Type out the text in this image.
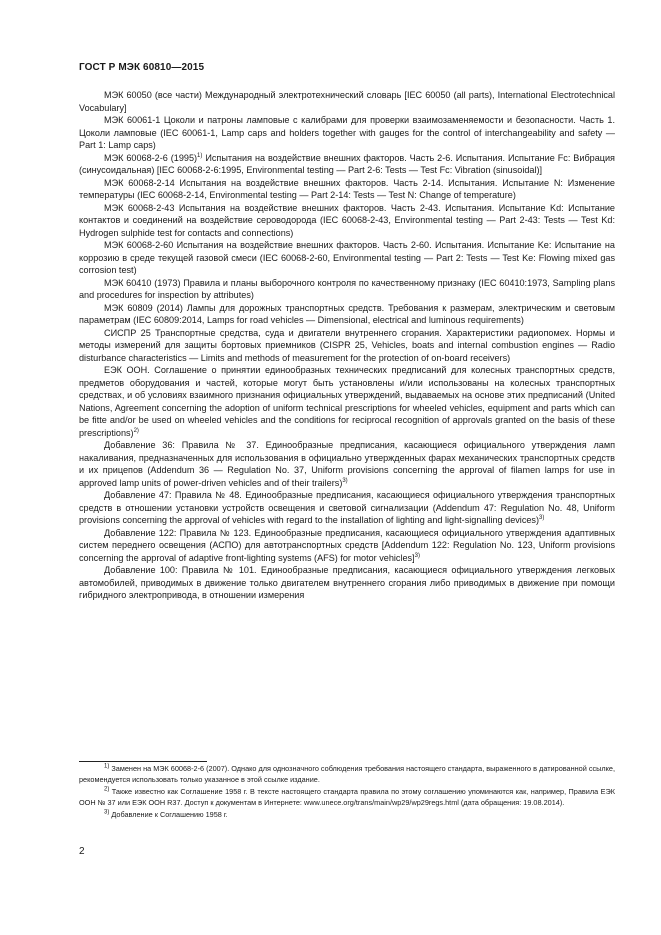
ГОСТ Р МЭК 60810—2015

МЭК 60050 (все части) Международный электротехнический словарь [IEC 60050 (all parts), International Electrotechnical Vocabulary]

МЭК 60061-1 Цоколи и патроны ламповые с калибрами для проверки взаимозаменяемости и безопасности. Часть 1. Цоколи ламповые (IEC 60061-1, Lamp caps and holders together with gauges for the control of interchangeability and safety — Part 1: Lamp caps)

МЭК 60068-2-6 $(1995)^{1)}$ Испытания на воздействие внешних факторов. Часть 2-6. Испытания. Испытание Fc: Вибрация (синусоидальная) [IEC 60068-2-6:1995, Environmental testing — Part 2-6: Tests — Test Fc: Vibration (sinusoidal)]

МЭК 60068-2-14 Испытания на воздействие внешних факторов. Часть 2-14. Испытания. Испытание N: Изменение температуры (IEC 60068-2-14, Environmental testing — Part 2-14: Tests — Test N: Change of temperature)

МЭК 60068-2-43 Испытания на воздействие внешних факторов. Часть 2-43. Испытания. Испытание Kd: Испытание контактов и соединений на воздействие сероводорода (IEC 60068-2-43, Environmental testing — Part 2-43: Tests — Test Kd: Hydrogen sulphide test for contacts and connections)

МЭК 60068-2-60 Испытания на воздействие внешних факторов. Часть 2-60. Испытания. Испытание Ke: Испытание на коррозию в среде текущей газовой смеси (IEC 60068-2-60, Environmental testing — Part 2: Tests — Test Ke: Flowing mixed gas corrosion test)

МЭК 60410 (1973) Правила и планы выборочного контроля по качественному признаку (IEC 60410:1973, Sampling plans and procedures for inspection by attributes)

МЭК 60809 (2014) Лампы для дорожных транспортных средств. Требования к размерам, электрическим и световым параметрам (IEC 60809:2014, Lamps for road vehicles — Dimensional, electrical and luminous requirements)

СИСПР 25 Транспортные средства, суда и двигатели внутреннего сгорания. Характеристики радиопомех. Нормы и методы измерений для защиты бортовых приемников (CISPR 25, Vehicles, boats and internal combustion engines — Radio disturbance characteristics — Limits and methods of measurement for the protection of on-board receivers)

ЕЭК ООН. Соглашение о принятии единообразных технических предписаний для колесных транспортных средств, предметов оборудования и частей, которые могут быть установлены и/или использованы на колесных транспортных средствах, и об условиях взаимного признания официальных утверждений, выдаваемых на основе этих предписаний (United Nations, Agreement concerning the adoption of uniform technical prescriptions for wheeled vehicles, equipment and parts which can be fitte and/or be used on wheeled vehicles and the conditions for reciprocal recognition of approvals granted on the basis of these prescriptions)$^{2)}$

Добавление 36: Правила № 37. Единообразные предписания, касающиеся официального утверждения ламп накаливания, предназначенных для использования в официально утвержденных фарах механических транспортных средств и их прицепов (Addendum 36 — Regulation No. 37, Uniform provisions concerning the approval of filamen lamps for use in approved lamp units of power-driven vehicles and of their trailers)$^{3)}$

Добавление 47: Правила № 48. Единообразные предписания, касающиеся официального утверждения транспортных средств в отношении установки устройств освещения и световой сигнализации (Addendum 47: Regulation No. 48, Uniform provisions concerning the approval of vehicles with regard to the installation of lighting and light-signalling devices)$^{3)}$

Добавление 122: Правила № 123. Единообразные предписания, касающиеся официального утверждения адаптивных систем переднего освещения (АСПО) для автотранспортных средств [Addendum 122: Regulation No. 123, Uniform provisions concerning the approval of adaptive front-lighting systems (AFS) for motor vehicles]$^{3)}$

Добавление 100: Правила № 101. Единообразные предписания, касающиеся официального утверждения легковых автомобилей, приводимых в движение только двигателем внутреннего сгорания либо приводимых в движение при помощи гибридного электропривода, в отношении измерения

$^{1)}$ Заменен на МЭК 60068-2-6 (2007). Однако для однозначного соблюдения требования настоящего стандарта, выраженного в датированной ссылке, рекомендуется использовать только указанное в этой ссылке издание.

$^{2)}$ Также известно как Соглашение 1958 г. В тексте настоящего стандарта правила по этому соглашению упоминаются как, например, Правила ЕЭК ООН № 37 или ЕЭК ООН R37. Доступ к документам в Интернете: www.unece.org/trans/main/wp29/wp29regs.html (дата обращения: 19.08.2014).

$^{3)}$ Добавление к Соглашению 1958 г.

2
